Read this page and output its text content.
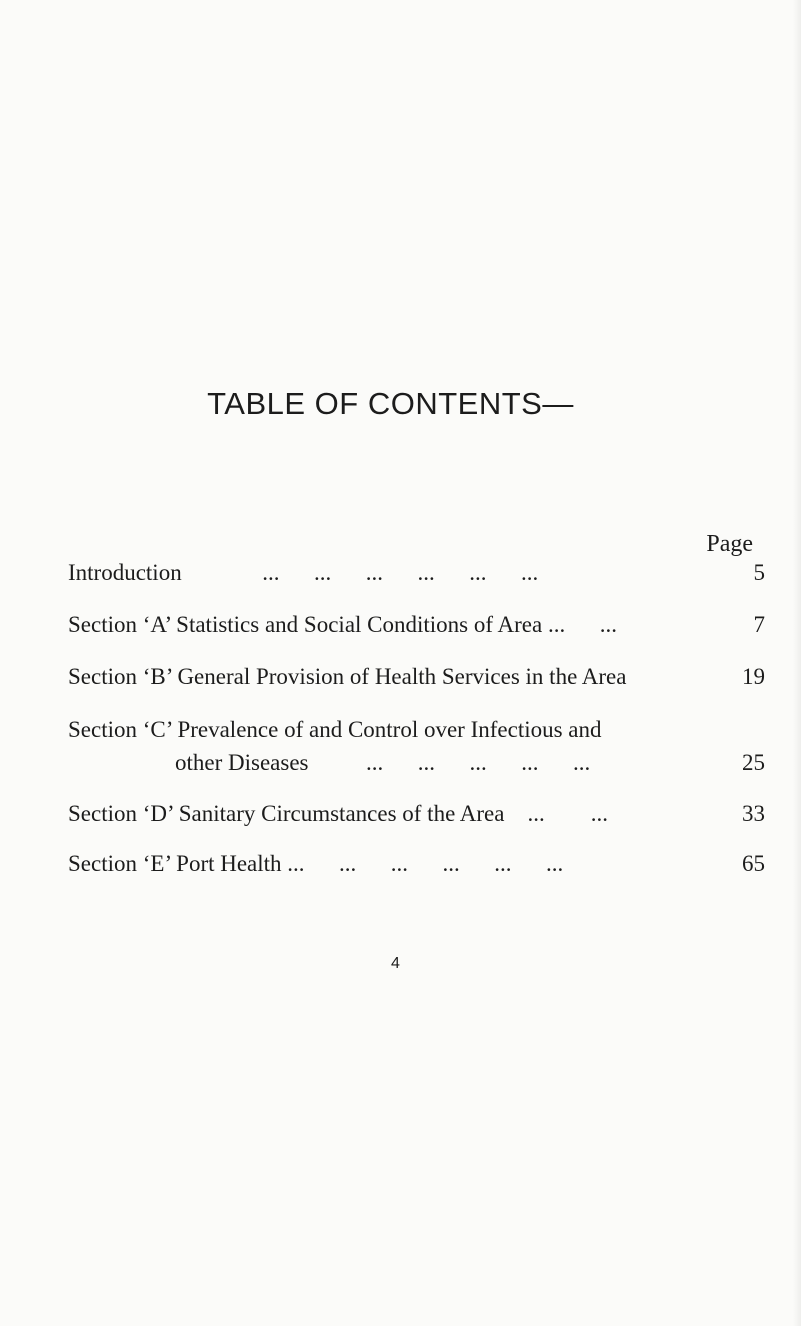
TABLE OF CONTENTS—
Page
Introduction        ...    ...    ...    ...    ...    ...	5
Section ‘A’ Statistics and Social Conditions of Area ...    ...	7
Section ‘B’ General Provision of Health Services in the Area	19
Section ‘C’ Prevalence of and Control over Infectious and
other Diseases      ...    ...    ...    ...    ...	25
Section ‘D’ Sanitary Circumstances of the Area   ...     ...	33
Section ‘E’ Port Health ...    ...    ...    ...    ...    ...	65
4
